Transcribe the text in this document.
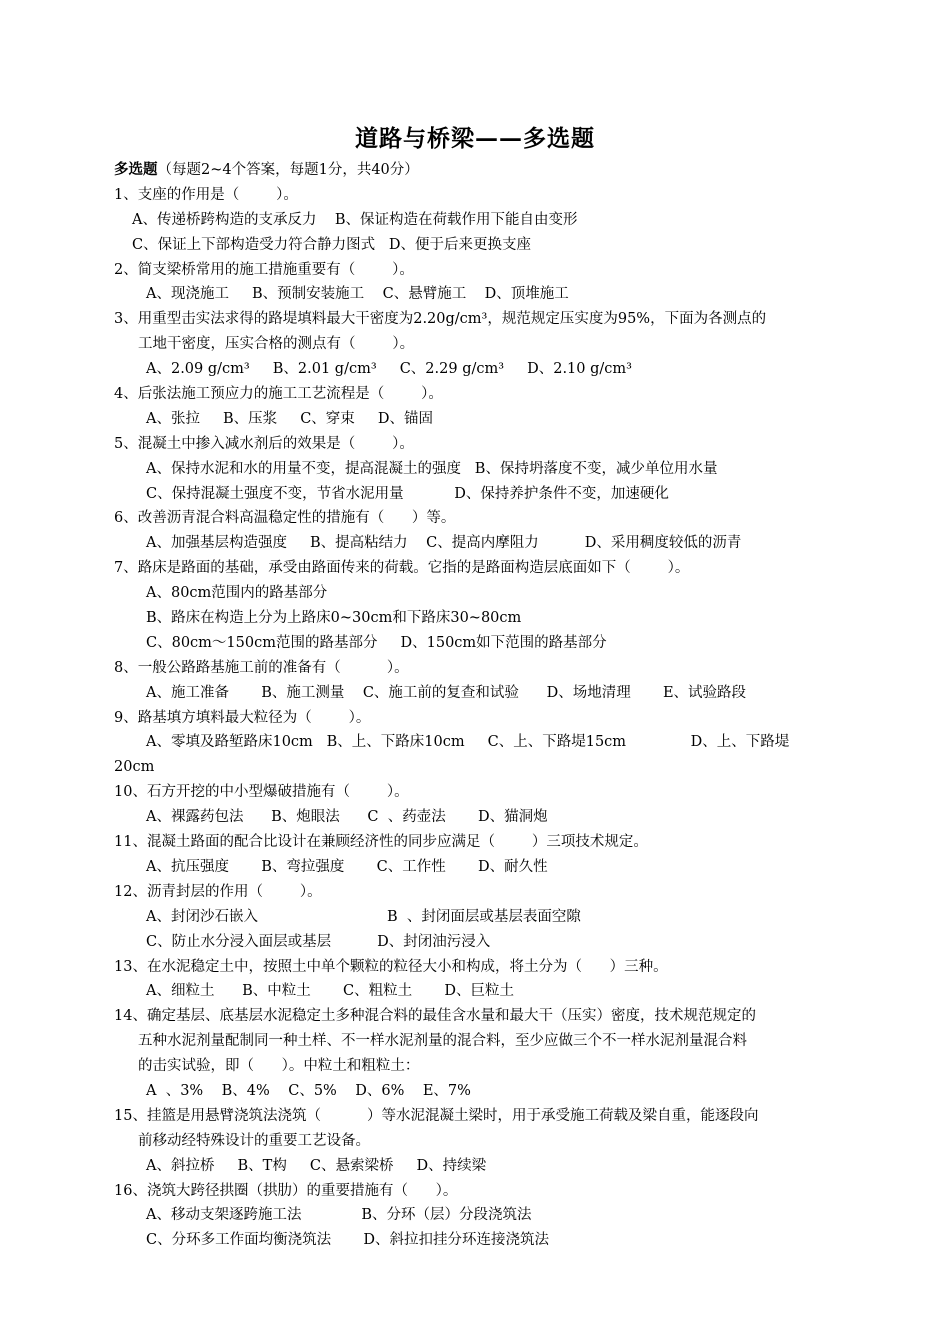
道路与桥梁——多选题
多选题（每题2~4个答案，每题1分，共40分）
1、支座的作用是（        ）。
A、传递桥跨构造的支承反力    B、保证构造在荷载作用下能自由变形
C、保证上下部构造受力符合静力图式   D、便于后来更换支座
2、简支梁桥常用的施工措施重要有（        ）。
A、现浇施工     B、预制安装施工    C、悬臂施工    D、顶堆施工
3、用重型击实法求得的路堤填料最大干密度为2.20g/cm³，规范规定压实度为95%，下面为各测点的
工地干密度，压实合格的测点有（        ）。
A、2.09 g/cm³     B、2.01 g/cm³     C、2.29 g/cm³     D、2.10 g/cm³
4、后张法施工预应力的施工工艺流程是（        ）。
A、张拉     B、压浆     C、穿束     D、锚固
5、混凝土中掺入减水剂后的效果是（        ）。
A、保持水泥和水的用量不变，提高混凝土的强度   B、保持坍落度不变，减少单位用水量
C、保持混凝土强度不变，节省水泥用量           D、保持养护条件不变，加速硬化
6、改善沥青混合料高温稳定性的措施有（      ）等。
A、加强基层构造强度     B、提高粘结力    C、提高内摩阻力          D、采用稠度较低的沥青
7、路床是路面的基础，承受由路面传来的荷载。它指的是路面构造层底面如下（        ）。
A、80cm范围内的路基部分
B、路床在构造上分为上路床0~30cm和下路床30~80cm
C、80cm～150cm范围的路基部分     D、150cm如下范围的路基部分
8、一般公路路基施工前的准备有（          ）。
A、施工准备       B、施工测量    C、施工前的复查和试验      D、场地清理       E、试验路段
9、路基填方填料最大粒径为（        ）。
A、零填及路堑路床10cm   B、上、下路床10cm     C、上、下路堤15cm              D、上、下路堤
20cm
10、石方开挖的中小型爆破措施有（        ）。
A、裸露药包法      B、炮眼法      C  、药壶法       D、猫洞炮
11、混凝土路面的配合比设计在兼顾经济性的同步应满足（        ）三项技术规定。
A、抗压强度       B、弯拉强度       C、工作性       D、耐久性
12、沥青封层的作用（        ）。
A、封闭沙石嵌入                            B  、封闭面层或基层表面空隙
C、防止水分浸入面层或基层          D、封闭油污浸入
13、在水泥稳定土中，按照土中单个颗粒的粒径大小和构成，将土分为（      ）三种。
A、细粒土      B、中粒土       C、粗粒土       D、巨粒土
14、确定基层、底基层水泥稳定土多种混合料的最佳含水量和最大干（压实）密度，技术规范规定的
五种水泥剂量配制同一种土样、不一样水泥剂量的混合料，至少应做三个不一样水泥剂量混合料
的击实试验，即（      ）。中粒土和粗粒土：
A  、3%    B、4%    C、5%    D、6%    E、7%
15、挂篮是用悬臂浇筑法浇筑（          ）等水泥混凝土梁时，用于承受施工荷载及梁自重，能逐段向
前移动经特殊设计的重要工艺设备。
A、斜拉桥     B、T构     C、悬索梁桥     D、持续梁
16、浇筑大跨径拱圈（拱肋）的重要措施有（      ）。
A、移动支架逐跨施工法             B、分环（层）分段浇筑法
C、分环多工作面均衡浇筑法       D、斜拉扣挂分环连接浇筑法
